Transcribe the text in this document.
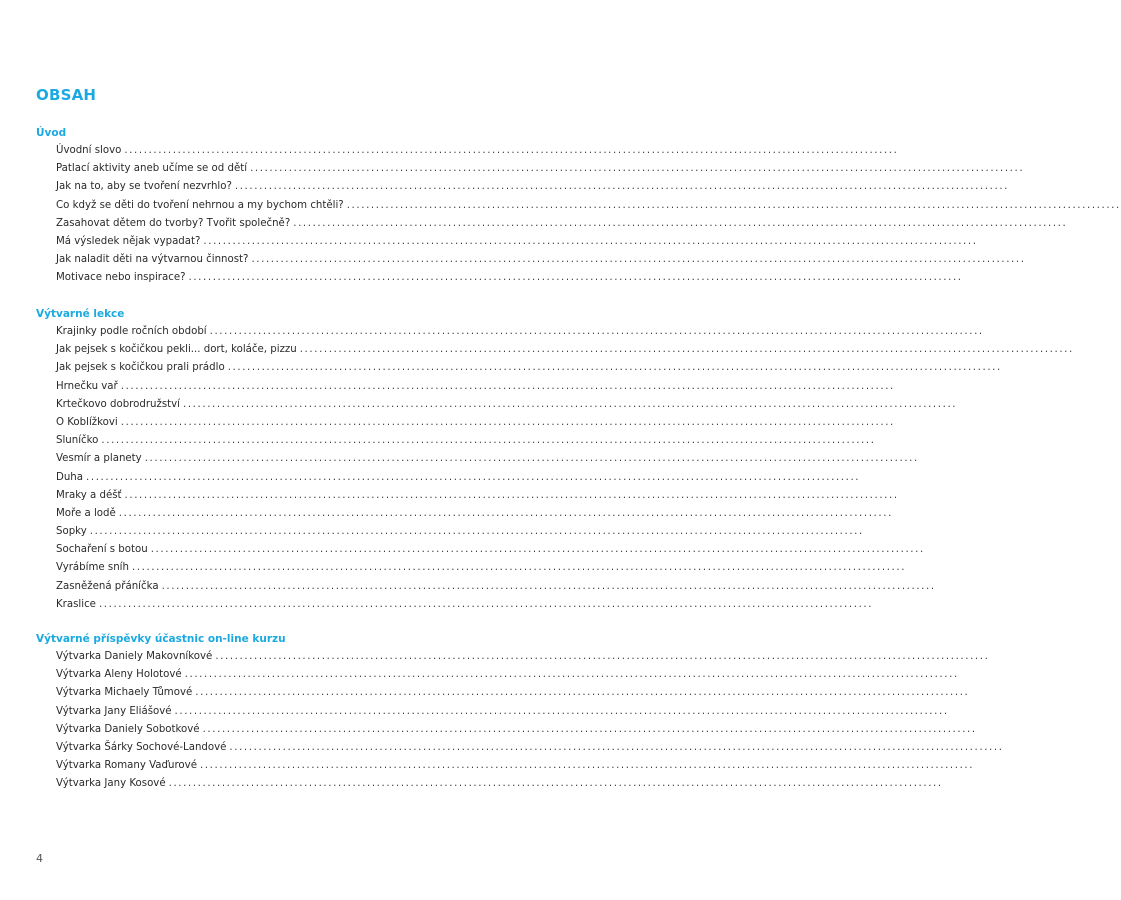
OBSAH
Úvod
Úvodní slovo ................................................................................................................................................................
Patlací aktivity aneb učíme se od dětí ................................................................................................................................................................
Jak na to, aby se tvoření nezvrhlo? ................................................................................................................................................................
Co když se děti do tvoření nehrnou a my bychom chtěli? ................................................................................................................................................................
Zasahovat dětem do tvorby? Tvořit společně? ................................................................................................................................................................
Má výsledek nějak vypadat? ................................................................................................................................................................
Jak naladit děti na výtvarnou činnost? ................................................................................................................................................................
Motivace nebo inspirace? ................................................................................................................................................................
Výtvarné lekce
Krajinky podle ročních období ................................................................................................................................................................
Jak pejsek s kočičkou pekli... dort, koláče, pizzu ................................................................................................................................................................
Jak pejsek s kočičkou prali prádlo ................................................................................................................................................................
Hrnečku vař ................................................................................................................................................................
Krtečkovo dobrodružství ................................................................................................................................................................
O Koblížkovi ................................................................................................................................................................
Sluníčko ................................................................................................................................................................
Vesmír a planety ................................................................................................................................................................
Duha ................................................................................................................................................................
Mraky a déšť ................................................................................................................................................................
Moře a lodě ................................................................................................................................................................
Sopky ................................................................................................................................................................
Sochaření s botou ................................................................................................................................................................
Vyrábíme sníh ................................................................................................................................................................
Zasněžená přáníčka ................................................................................................................................................................
Kraslice ................................................................................................................................................................
Výtvarné příspěvky účastnic on-line kurzu
Výtvarka Daniely Makovníkové ................................................................................................................................................................
Výtvarka Aleny Holotové ................................................................................................................................................................
Výtvarka Michaely Tůmové ................................................................................................................................................................
Výtvarka Jany Eliášové ................................................................................................................................................................
Výtvarka Daniely Sobotkové ................................................................................................................................................................
Výtvarka Šárky Sochové-Landové ................................................................................................................................................................
Výtvarka Romany Vaďurové ................................................................................................................................................................
Výtvarka Jany Kosové ................................................................................................................................................................
4
